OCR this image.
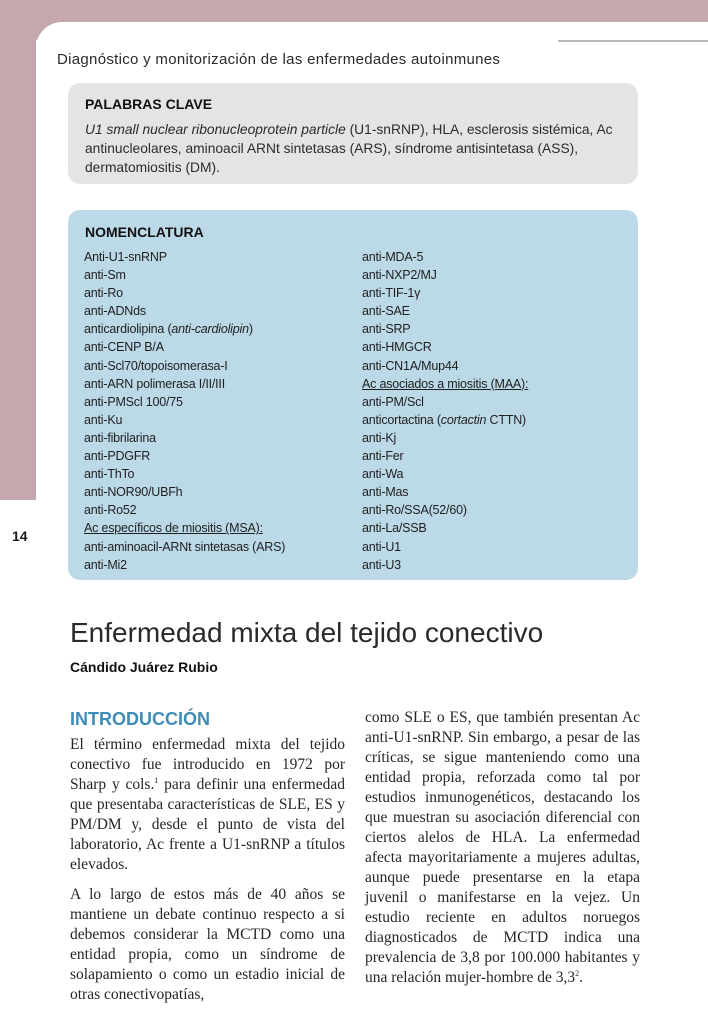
Diagnóstico y monitorización de las enfermedades autoinmunes
PALABRAS CLAVE
U1 small nuclear ribonucleoprotein particle (U1-snRNP), HLA, esclerosis sistémica, Ac antinucleolares, aminoacil ARNt sintetasas (ARS), síndrome antisintetasa (ASS), dermatomiositis (DM).
NOMENCLATURA
Anti-U1-snRNP
anti-Sm
anti-Ro
anti-ADNds
anticardiolipina (anti-cardiolipin)
anti-CENP B/A
anti-Scl70/topoisomerasa-I
anti-ARN polimerasa I/II/III
anti-PMScl 100/75
anti-Ku
anti-fibrilarina
anti-PDGFR
anti-ThTo
anti-NOR90/UBFh
anti-Ro52
Ac específicos de miositis (MSA):
anti-aminoacil-ARNt sintetasas (ARS)
anti-Mi2
anti-MDA-5
anti-NXP2/MJ
anti-TIF-1γ
anti-SAE
anti-SRP
anti-HMGCR
anti-CN1A/Mup44
Ac asociados a miositis (MAA):
anti-PM/Scl
anticortactina (cortactin CTTN)
anti-Kj
anti-Fer
anti-Wa
anti-Mas
anti-Ro/SSA(52/60)
anti-La/SSB
anti-U1
anti-U3
14
Enfermedad mixta del tejido conectivo
Cándido Juárez Rubio
INTRODUCCIÓN

El término enfermedad mixta del tejido conectivo fue introducido en 1972 por Sharp y cols.$^1$ para definir una enfermedad que presentaba características de SLE, ES y PM/DM y, desde el punto de vista del laboratorio, Ac frente a U1-snRNP a títulos elevados.

A lo largo de estos más de 40 años se mantiene un debate continuo respecto a si debemos considerar la MCTD como una entidad propia, como un síndrome de solapamiento o como un estadio inicial de otras conectivopatías,

como SLE o ES, que también presentan Ac anti-U1-snRNP. Sin embargo, a pesar de las críticas, se sigue manteniendo como una entidad propia, reforzada como tal por estudios inmunogenéticos, destacando los que muestran su asociación diferencial con ciertos alelos de HLA. La enfermedad afecta mayoritariamente a mujeres adultas, aunque puede presentarse en la etapa juvenil o manifestarse en la vejez. Un estudio reciente en adultos noruegos diagnosticados de MCTD indica una prevalencia de 3,8 por 100.000 habitantes y una relación mujer-hombre de $3,3^2$.
